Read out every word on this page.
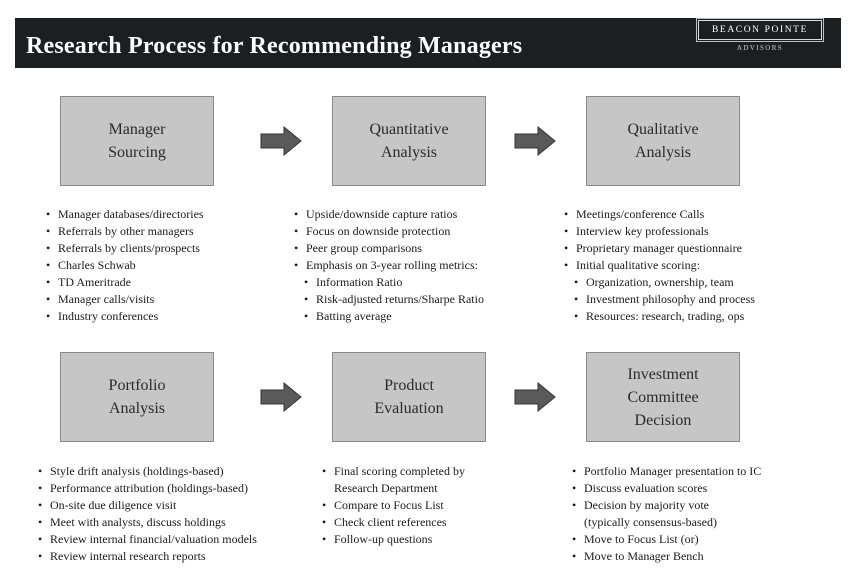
Research Process for Recommending Managers
BEACON POINTE
ADVISORS
Manager
Sourcing
Quantitative
Analysis
Qualitative
Analysis
Portfolio
Analysis
Product
Evaluation
Investment
Committee
Decision
• Manager databases/directories
• Referrals by other managers
• Referrals by clients/prospects
• Charles Schwab
• TD Ameritrade
• Manager calls/visits
• Industry conferences
• Upside/downside capture ratios
• Focus on downside protection
• Peer group comparisons
• Emphasis on 3-year rolling metrics:
• Information Ratio
• Risk-adjusted returns/Sharpe Ratio
• Batting average
• Meetings/conference Calls
• Interview key professionals
• Proprietary manager questionnaire
• Initial qualitative scoring:
• Organization, ownership, team
• Investment philosophy and process
• Resources: research, trading, ops
• Style drift analysis (holdings-based)
• Performance attribution (holdings-based)
• On-site due diligence visit
• Meet with analysts, discuss holdings
• Review internal financial/valuation models
• Review internal research reports
• Final scoring completed by
Research Department
• Compare to Focus List
• Check client references
• Follow-up questions
• Portfolio Manager presentation to IC
• Discuss evaluation scores
• Decision by majority vote
(typically consensus-based)
• Move to Focus List (or)
• Move to Manager Bench
